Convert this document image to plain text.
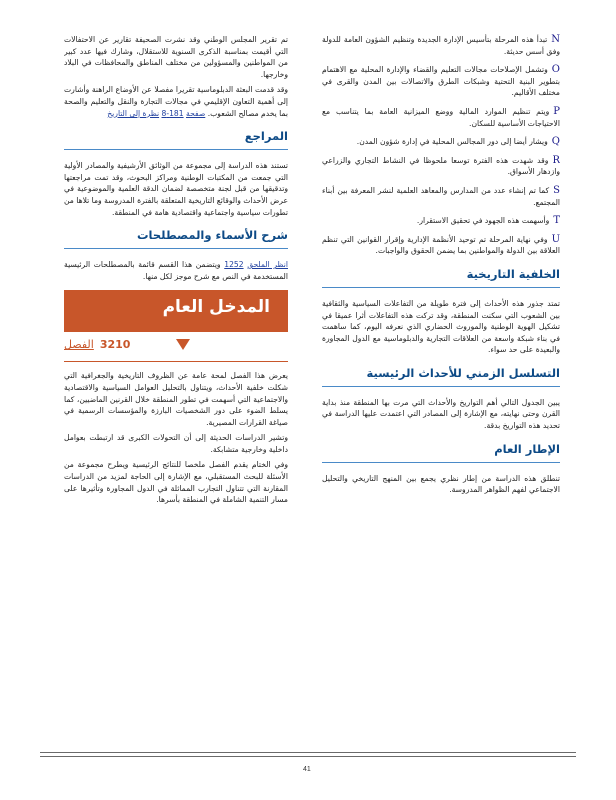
تم تقرير المجلس الوطني وقد نشرت الصحيفة تقارير عن الاحتفالات التي أقيمت بمناسبة الذكرى السنوية للاستقلال، وشارك فيها عدد كبير من المواطنين والمسؤولين من مختلف المناطق والمحافظات في البلاد وخارجها.

وقد قدمت البعثة الدبلوماسية تقريرا مفصلا عن الأوضاع الراهنة وأشارت إلى أهمية التعاون الإقليمي في مجالات التجارة والنقل والتعليم والصحة بما يخدم مصالح الشعوب. صفحة 181-8 نظرة إلى التاريخ

المراجع

تستند هذه الدراسة إلى مجموعة من الوثائق الأرشيفية والمصادر الأولية التي جمعت من المكتبات الوطنية ومراكز البحوث، وقد تمت مراجعتها وتدقيقها من قبل لجنة متخصصة لضمان الدقة العلمية والموضوعية في عرض الأحداث والوقائع التاريخية المتعلقة بالفترة المدروسة وما تلاها من تطورات سياسية واجتماعية واقتصادية هامة في المنطقة.

شرح الأسماء والمصطلحات

انظر الملحق 1252 ويتضمن هذا القسم قائمة بالمصطلحات الرئيسية المستخدمة في النص مع شرح موجز لكل منها.

المدخل العام
3210
الفصل

يعرض هذا الفصل لمحة عامة عن الظروف التاريخية والجغرافية التي شكلت خلفية الأحداث، ويتناول بالتحليل العوامل السياسية والاقتصادية والاجتماعية التي أسهمت في تطور المنطقة خلال القرنين الماضيين، كما يسلط الضوء على دور الشخصيات البارزة والمؤسسات الرسمية في صياغة القرارات المصيرية.

وتشير الدراسات الحديثة إلى أن التحولات الكبرى قد ارتبطت بعوامل داخلية وخارجية متشابكة.

وفي الختام يقدم الفصل ملخصا للنتائج الرئيسية ويطرح مجموعة من الأسئلة للبحث المستقبلي، مع الإشارة إلى الحاجة لمزيد من الدراسات المقارنة التي تتناول التجارب المماثلة في الدول المجاورة وتأثيرها على مسار التنمية الشاملة في المنطقة بأسرها.

Nتبدأ هذه المرحلة بتأسيس الإدارة الجديدة وتنظيم الشؤون العامة للدولة وفق أسس حديثة.
Oوتشمل الإصلاحات مجالات التعليم والقضاء والإدارة المحلية مع الاهتمام بتطوير البنية التحتية وشبكات الطرق والاتصالات بين المدن والقرى في مختلف الأقاليم.
Pويتم تنظيم الموارد المالية ووضع الميزانية العامة بما يتناسب مع الاحتياجات الأساسية للسكان.
Qويشار أيضا إلى دور المجالس المحلية في إدارة شؤون المدن.
Rوقد شهدت هذه الفترة توسعا ملحوظا في النشاط التجاري والزراعي وازدهار الأسواق.
Sكما تم إنشاء عدد من المدارس والمعاهد العلمية لنشر المعرفة بين أبناء المجتمع.
Tوأسهمت هذه الجهود في تحقيق الاستقرار.
Uوفي نهاية المرحلة تم توحيد الأنظمة الإدارية وإقرار القوانين التي تنظم العلاقة بين الدولة والمواطنين بما يضمن الحقوق والواجبات.
الخلفية التاريخية

تمتد جذور هذه الأحداث إلى فترة طويلة من التفاعلات السياسية والثقافية بين الشعوب التي سكنت المنطقة، وقد تركت هذه التفاعلات أثرا عميقا في تشكيل الهوية الوطنية والموروث الحضاري الذي نعرفه اليوم، كما ساهمت في بناء شبكة واسعة من العلاقات التجارية والدبلوماسية مع الدول المجاورة والبعيدة على حد سواء.

التسلسل الزمني للأحداث الرئيسية

يبين الجدول التالي أهم التواريخ والأحداث التي مرت بها المنطقة منذ بداية القرن وحتى نهايته، مع الإشارة إلى المصادر التي اعتمدت عليها الدراسة في تحديد هذه التواريخ بدقة.

الإطار العام

تنطلق هذه الدراسة من إطار نظري يجمع بين المنهج التاريخي والتحليل الاجتماعي لفهم الظواهر المدروسة.

41
